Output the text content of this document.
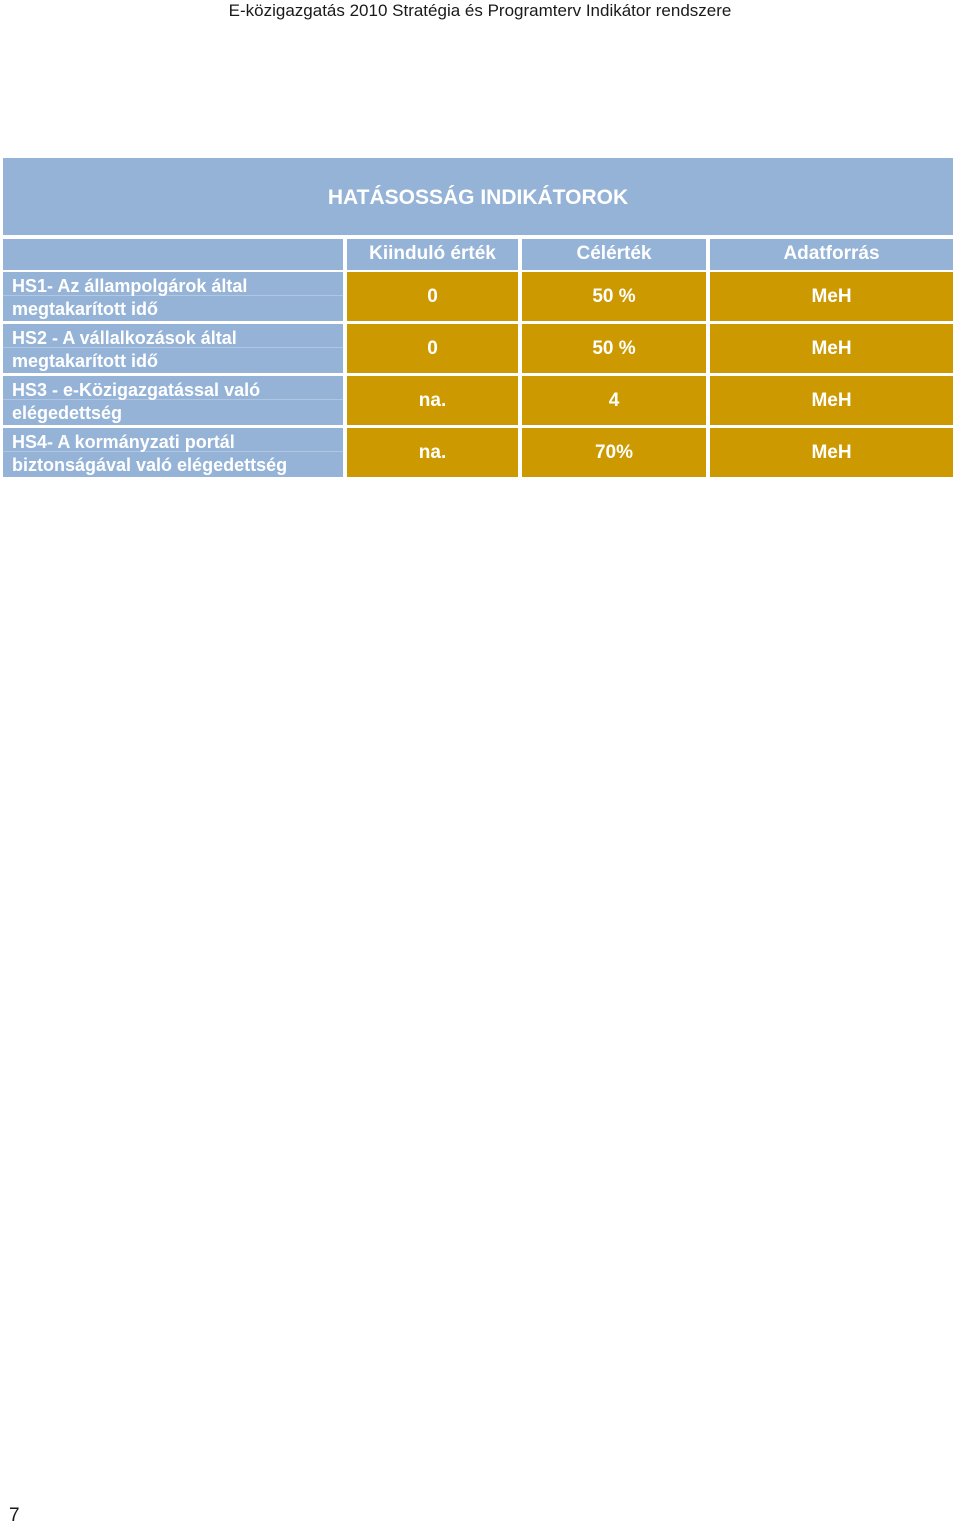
E-közigazgatás 2010 Stratégia és Programterv Indikátor rendszere
HATÁSOSSÁG INDIKÁTOROK
Kiinduló érték	Célérték	Adatforrás
HS1- Az állampolgárok által
megtakarított idő
0	50 %	MeH
HS2 - A vállalkozások által
megtakarított idő
0	50 %	MeH
HS3 - e-Közigazgatással való
elégedettség
na.	4	MeH
HS4- A kormányzati portál
biztonságával való elégedettség
na.	70%	MeH
7
